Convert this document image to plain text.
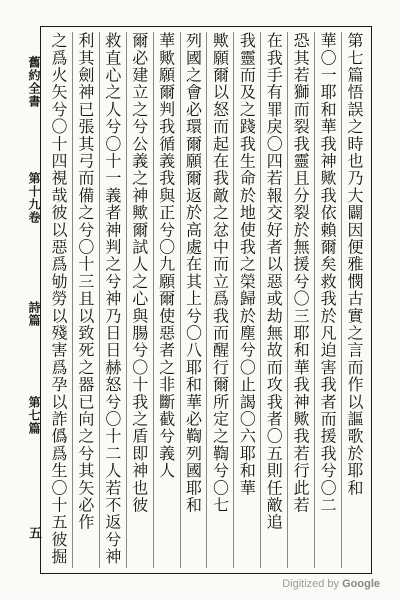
舊約全書
第十九卷
詩篇
第七篇
五
第七篇悟誤之時也乃大闢因便雅憫古實之言而作以謳歌於耶和
華〇一耶和華我神歟我依賴爾矣救我於凡迫害我者而援我兮〇二
恐其若獅而裂我靈且分裂於無援兮〇三耶和華我神歟我若行此若
在我手有罪戾〇四若報交好者以惡或劫無故而攻我者〇五則任敵追
我靈而及之踐我生命於地使我之榮歸於塵兮〇止謁〇六耶和華
歟願爾以怒而起在我敵之忿中而立爲我而醒行爾所定之鞫兮〇七
列國之會必環爾願爾返於高處在其上兮〇八耶和華必鞫列國耶和
華歟願爾判我循義我與正兮〇九願爾使惡者之非斷截兮義人
爾必建立之兮公義之神歟爾試人之心與腸兮〇十我之盾即神也彼
救直心之人兮〇十一義者神判之兮神乃日日赫怒兮〇十二人若不返兮神
利其劍神已張其弓而備之兮〇十三且以致死之器已向之兮其矢必作
之爲火矢兮〇十四視哉彼以惡爲劬勞以殘害爲孕以詐僞爲生〇十五彼掘
Digitized by Google
